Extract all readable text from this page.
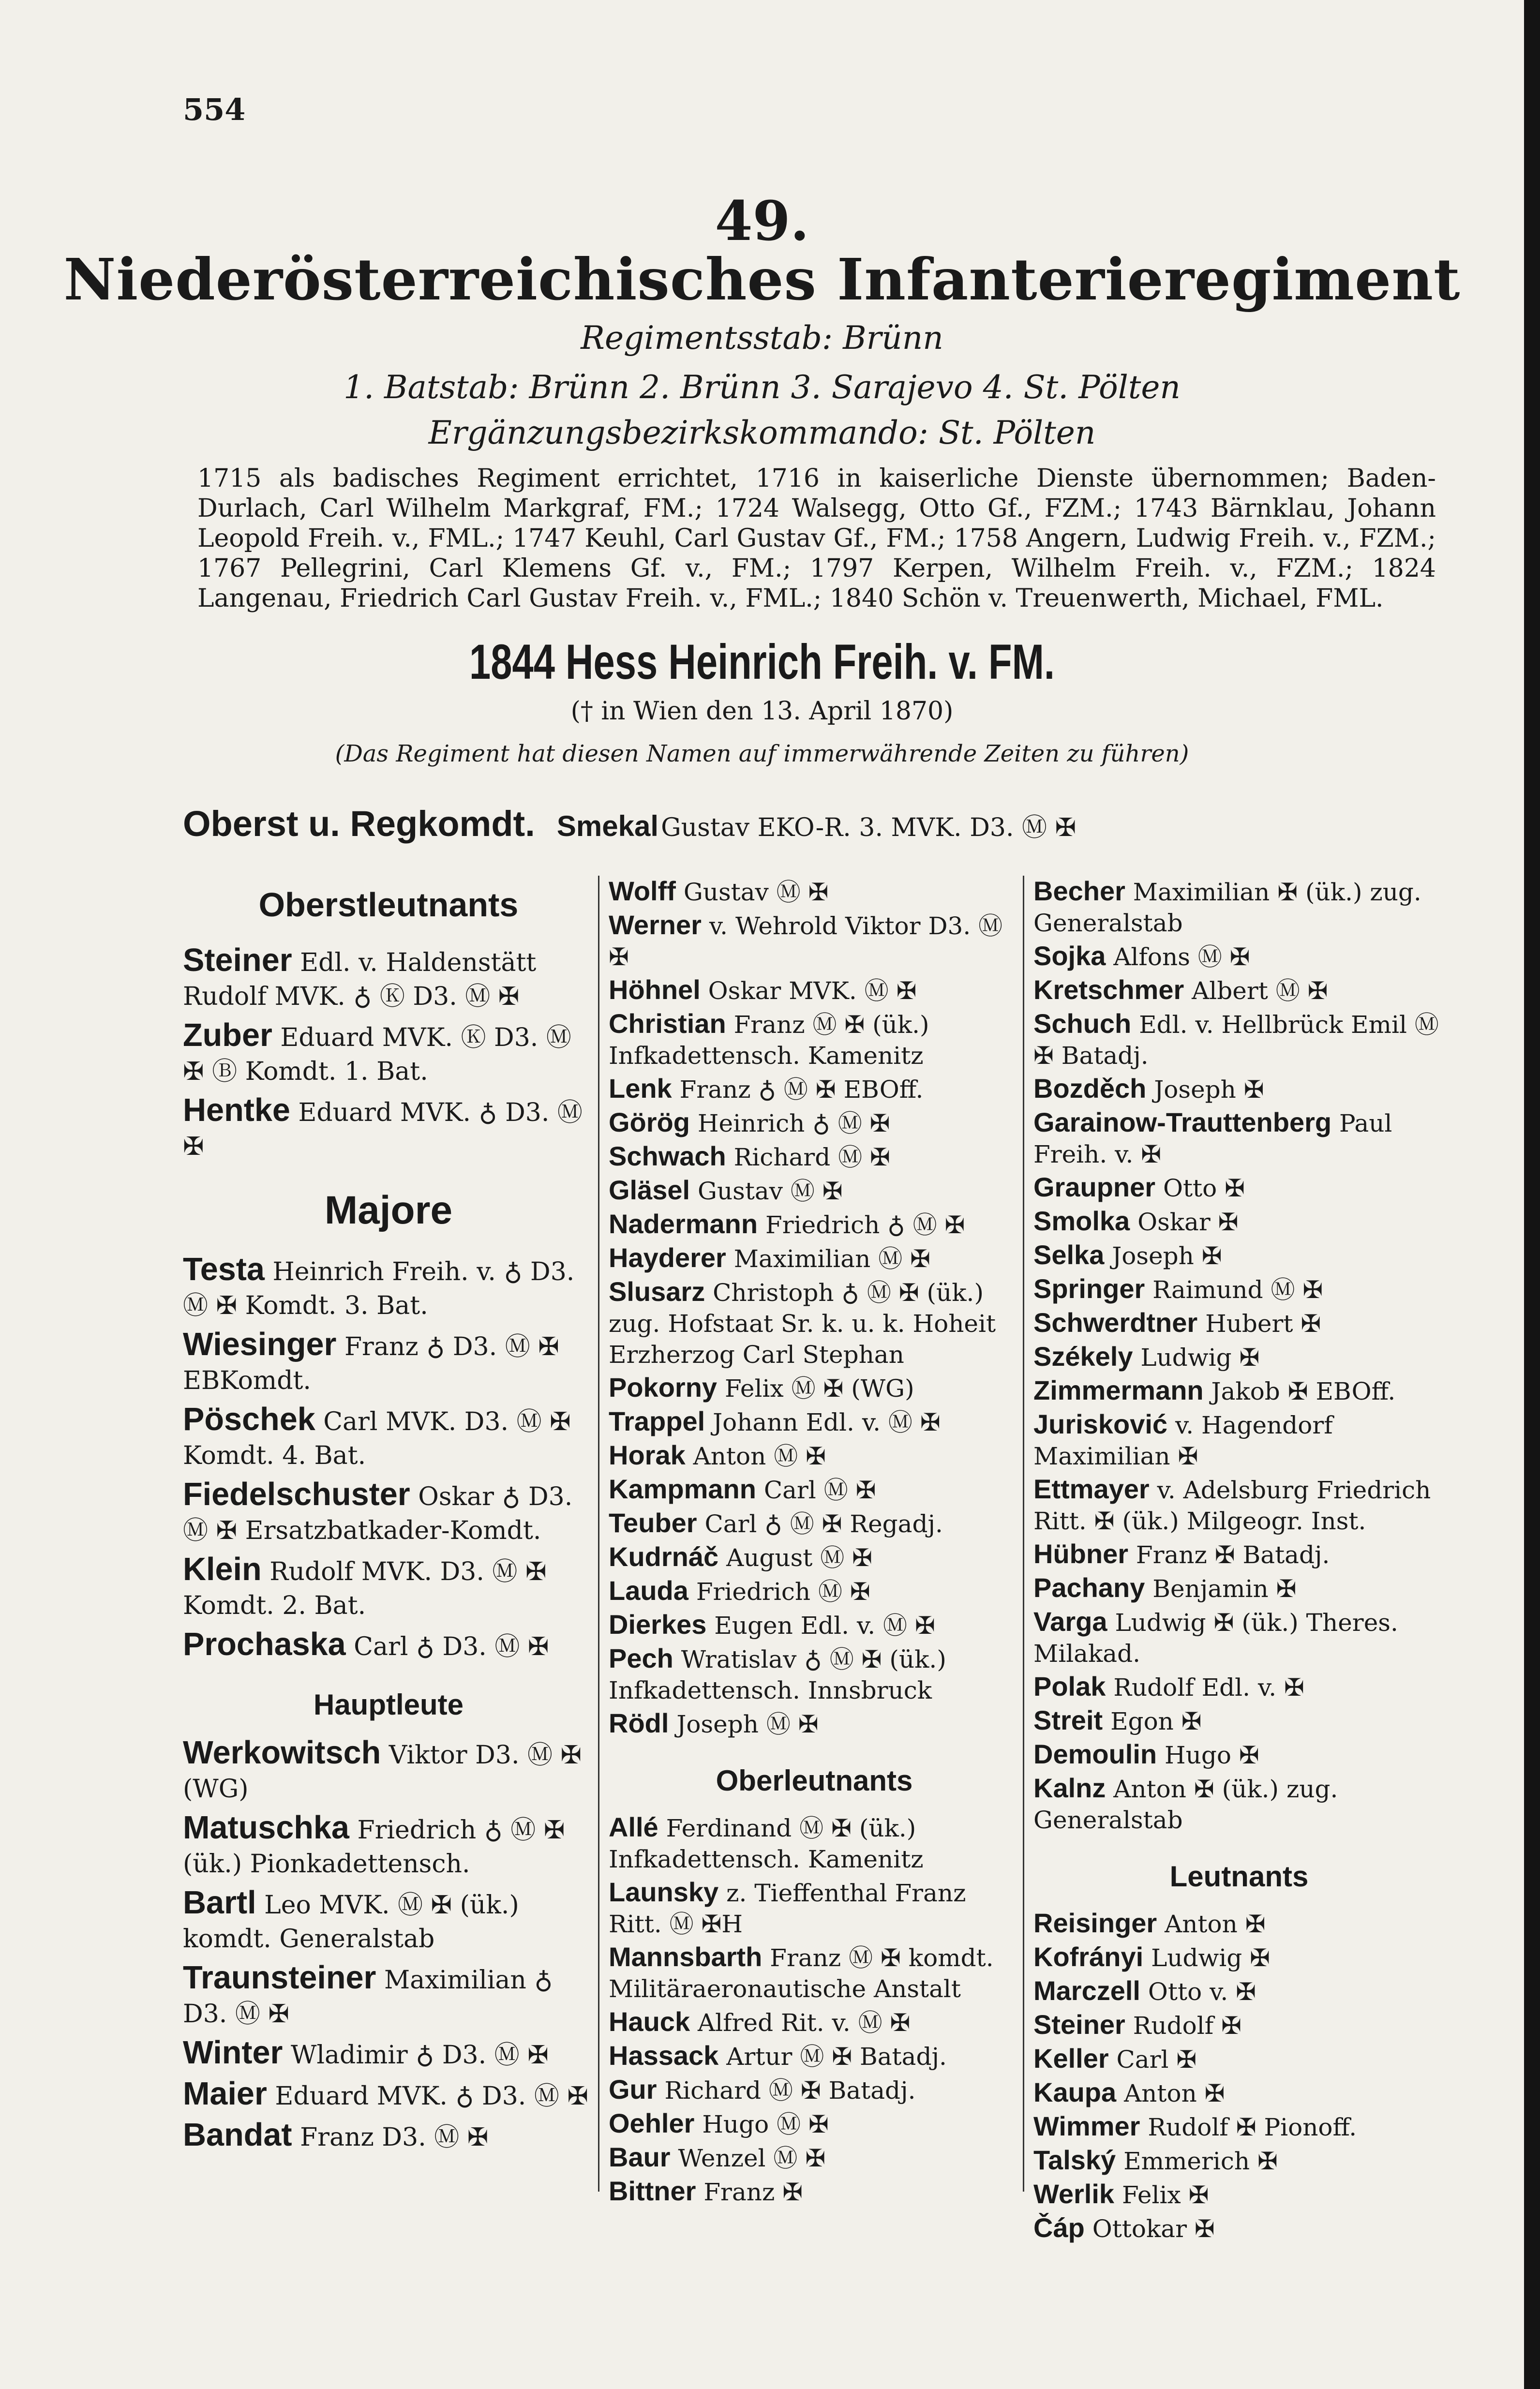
554
49.
Niederösterreichisches Infanterieregiment
Regimentsstab: Brünn
1. Batstab: Brünn 2. Brünn 3. Sarajevo 4. St. Pölten
Ergänzungsbezirkskommando: St. Pölten
1715 als badisches Regiment errichtet, 1716 in kaiserliche Dienste übernommen; Baden-Durlach, Carl Wilhelm Markgraf, FM.; 1724 Walsegg, Otto Gf., FZM.; 1743 Bärnklau, Johann Leopold Freih. v., FML.; 1747 Keuhl, Carl Gustav Gf., FM.; 1758 Angern, Ludwig Freih. v., FZM.; 1767 Pellegrini, Carl Klemens Gf. v., FM.; 1797 Kerpen, Wilhelm Freih. v., FZM.; 1824 Langenau, Friedrich Carl Gustav Freih. v., FML.; 1840 Schön v. Treuenwerth, Michael, FML.
1844 Hess Heinrich Freih. v. FM.
(† in Wien den 13. April 1870)
(Das Regiment hat diesen Namen auf immerwährende Zeiten zu führen)
Oberst u. Regkomdt. Smekal Gustav EKO-R. 3. MVK. D3. Ⓜ ✠
Oberstleutnants
Steiner Edl. v. Haldenstätt Rudolf MVK. ♁ Ⓚ D3. Ⓜ ✠
Zuber Eduard MVK. Ⓚ D3. Ⓜ ✠ Ⓑ Komdt. 1. Bat.
Hentke Eduard MVK. ♁ D3. Ⓜ ✠
Majore
Testa Heinrich Freih. v. ♁ D3. Ⓜ ✠ Komdt. 3. Bat.
Wiesinger Franz ♁ D3. Ⓜ ✠ EBKomdt.
Pöschek Carl MVK. D3. Ⓜ ✠ Komdt. 4. Bat.
Fiedelschuster Oskar ♁ D3. Ⓜ ✠ Ersatzbatkader-Komdt.
Klein Rudolf MVK. D3. Ⓜ ✠ Komdt. 2. Bat.
Prochaska Carl ♁ D3. Ⓜ ✠
Hauptleute
Werkowitsch Viktor D3. Ⓜ ✠ (WG)
Matuschka Friedrich ♁ Ⓜ ✠ (ük.) Pionkadettensch.
Bartl Leo MVK. Ⓜ ✠ (ük.) komdt. Generalstab
Traunsteiner Maximilian ♁ D3. Ⓜ ✠
Winter Wladimir ♁ D3. Ⓜ ✠
Maier Eduard MVK. ♁ D3. Ⓜ ✠
Bandat Franz D3. Ⓜ ✠
Wolff Gustav Ⓜ ✠
Werner v. Wehrold Viktor D3. Ⓜ ✠
Höhnel Oskar MVK. Ⓜ ✠
Christian Franz Ⓜ ✠ (ük.) Infkadettensch. Kamenitz
Lenk Franz ♁ Ⓜ ✠ EBOff.
Görög Heinrich ♁ Ⓜ ✠
Schwach Richard Ⓜ ✠
Gläsel Gustav Ⓜ ✠
Nadermann Friedrich ♁ Ⓜ ✠
Hayderer Maximilian Ⓜ ✠
Slusarz Christoph ♁ Ⓜ ✠ (ük.) zug. Hofstaat Sr. k. u. k. Hoheit Erzherzog Carl Stephan
Pokorny Felix Ⓜ ✠ (WG)
Trappel Johann Edl. v. Ⓜ ✠
Horak Anton Ⓜ ✠
Kampmann Carl Ⓜ ✠
Teuber Carl ♁ Ⓜ ✠ Regadj.
Kudrnáč August Ⓜ ✠
Lauda Friedrich Ⓜ ✠
Dierkes Eugen Edl. v. Ⓜ ✠
Pech Wratislav ♁ Ⓜ ✠ (ük.) Infkadettensch. Innsbruck
Rödl Joseph Ⓜ ✠
Oberleutnants
Allé Ferdinand Ⓜ ✠ (ük.) Infkadettensch. Kamenitz
Launsky z. Tieffenthal Franz Ritt. Ⓜ ✠H
Mannsbarth Franz Ⓜ ✠ komdt. Militäraeronautische Anstalt
Hauck Alfred Rit. v. Ⓜ ✠
Hassack Artur Ⓜ ✠ Batadj.
Gur Richard Ⓜ ✠ Batadj.
Oehler Hugo Ⓜ ✠
Baur Wenzel Ⓜ ✠
Bittner Franz ✠
Becher Maximilian ✠ (ük.) zug. Generalstab
Sojka Alfons Ⓜ ✠
Kretschmer Albert Ⓜ ✠
Schuch Edl. v. Hellbrück Emil Ⓜ ✠ Batadj.
Bozděch Joseph ✠
Garainow-Trauttenberg Paul Freih. v. ✠
Graupner Otto ✠
Smolka Oskar ✠
Selka Joseph ✠
Springer Raimund Ⓜ ✠
Schwerdtner Hubert ✠
Székely Ludwig ✠
Zimmermann Jakob ✠ EBOff.
Jurisković v. Hagendorf Maximilian ✠
Ettmayer v. Adelsburg Friedrich Ritt. ✠ (ük.) Milgeogr. Inst.
Hübner Franz ✠ Batadj.
Pachany Benjamin ✠
Varga Ludwig ✠ (ük.) Theres. Milakad.
Polak Rudolf Edl. v. ✠
Streit Egon ✠
Demoulin Hugo ✠
Kalnz Anton ✠ (ük.) zug. Generalstab
Leutnants
Reisinger Anton ✠
Kofrányi Ludwig ✠
Marczell Otto v. ✠
Steiner Rudolf ✠
Keller Carl ✠
Kaupa Anton ✠
Wimmer Rudolf ✠ Pionoff.
Talský Emmerich ✠
Werlik Felix ✠
Čáp Ottokar ✠
